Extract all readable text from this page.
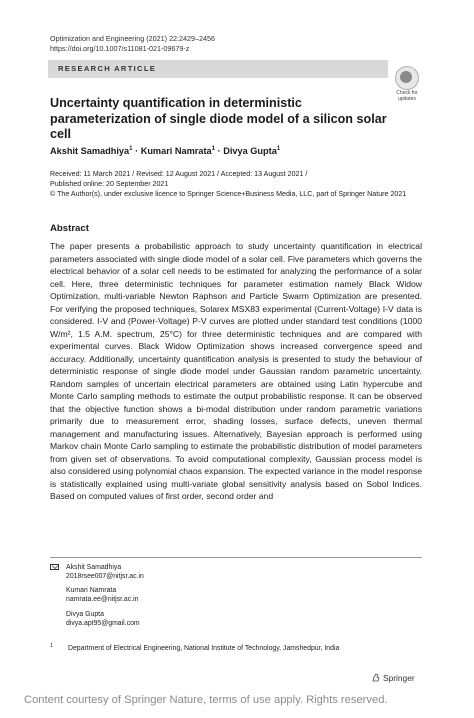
Optimization and Engineering (2021) 22:2429–2456
https://doi.org/10.1007/s11081-021-09679-z
RESEARCH ARTICLE
Check for updates
Uncertainty quantification in deterministic
parameterization of single diode model of a silicon solar cell
Akshit Samadhiya$^1$ · Kumari Namrata$^1$ · Divya Gupta$^1$
Received: 11 March 2021 / Revised: 12 August 2021 / Accepted: 13 August 2021 /
Published online: 20 September 2021
© The Author(s), under exclusive licence to Springer Science+Business Media, LLC, part of Springer Nature 2021
Abstract
The paper presents a probabilistic approach to study uncertainty quantification in electrical parameters associated with single diode model of a solar cell. Five parameters which governs the electrical behavior of a solar cell needs to be estimated for analyzing the performance of a solar cell. Here, three deterministic techniques for parameter estimation namely Black Widow Optimization, multi-variable Newton Raphson and Particle Swarm Optimization are presented. For verifying the proposed techniques, Solarex MSX83 experimental (Current-Voltage) I-V data is considered. I-V and (Power-Voltage) P-V curves are plotted under standard test conditions (1000 W/m², 1.5 A.M. spectrum, 25°C) for three deterministic techniques and are compared with experimental curves. Black Widow Optimization shows increased convergence speed and accuracy. Additionally, uncertainty quantification analysis is presented to study the behaviour of deterministic response of single diode model under Gaussian random parametric uncertainty. Random samples of uncertain electrical parameters are obtained using Latin hypercube and Monte Carlo sampling methods to estimate the output probabilistic response. It can be observed that the objective function shows a bi-modal distribution under random parametric variations primarily due to measurement error, shading losses, surface defects, uneven thermal management and manufacturing issues. Alternatively, Bayesian approach is performed using Markov chain Monte Carlo sampling to estimate the probabilistic distribution of model parameters from given set of observations. To avoid computational complexity, Gaussian process model is also considered using polynomial chaos expansion. The expected variance in the model response is statistically explained using multi-variate global sensitivity analysis based on Sobol Indices. Based on computed values of first order, second order and
Akshit Samadhiya
2018rsee007@nitjsr.ac.in
Kumari Namrata
namrata.ee@nitjsr.ac.in
Divya Gupta
divya.apt95@gmail.com
1 Department of Electrical Engineering, National Institute of Technology, Jamshedpur, India
Springer
Content courtesy of Springer Nature, terms of use apply. Rights reserved.
